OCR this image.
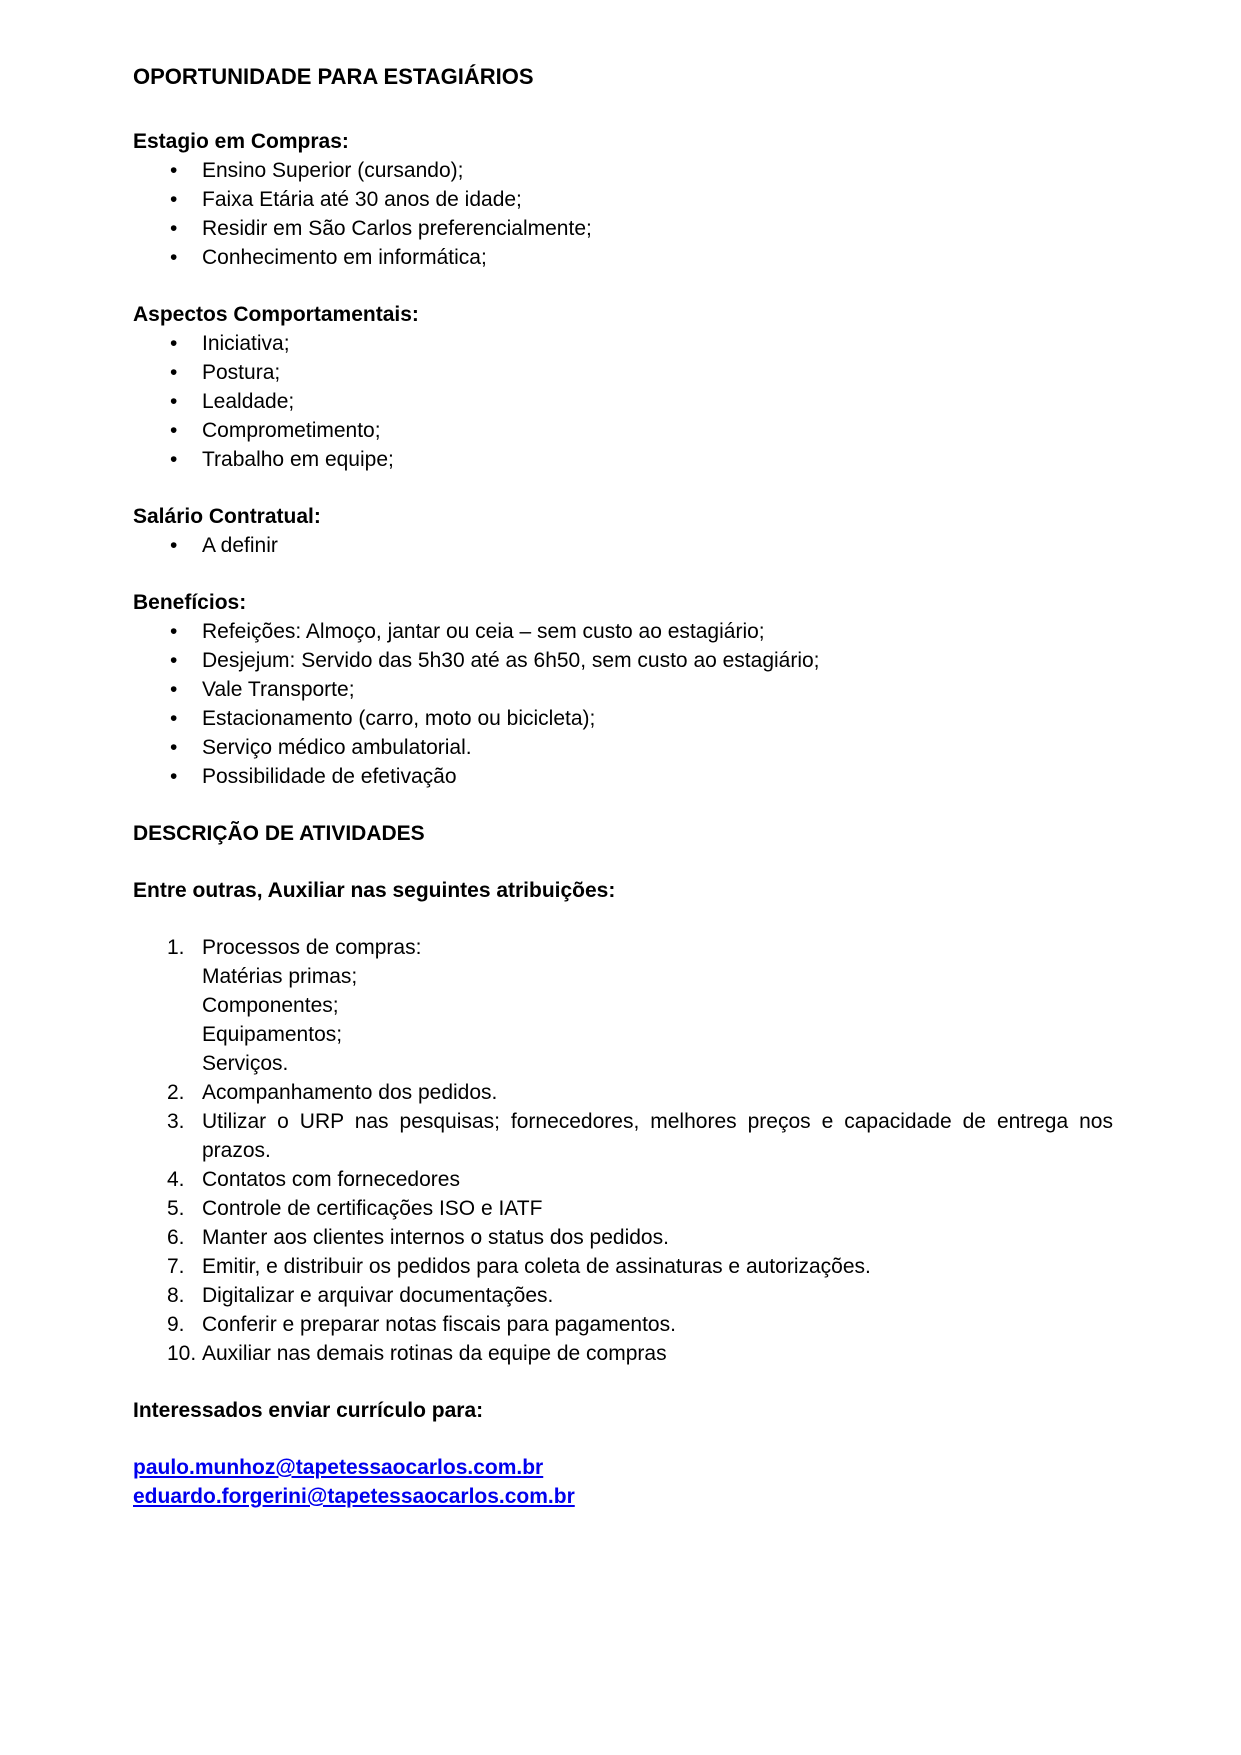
OPORTUNIDADE PARA ESTAGIÁRIOS
Estagio em Compras:
• Ensino Superior (cursando);
• Faixa Etária até 30 anos de idade;
• Residir em São Carlos preferencialmente;
• Conhecimento em informática;
Aspectos Comportamentais:
• Iniciativa;
• Postura;
• Lealdade;
• Comprometimento;
• Trabalho em equipe;
Salário Contratual:
• A definir
Benefícios:
• Refeições: Almoço, jantar ou ceia – sem custo ao estagiário;
• Desjejum: Servido das 5h30 até as 6h50, sem custo ao estagiário;
• Vale Transporte;
• Estacionamento (carro, moto ou bicicleta);
• Serviço médico ambulatorial.
• Possibilidade de efetivação
DESCRIÇÃO DE ATIVIDADES
Entre outras, Auxiliar nas seguintes atribuições:
1. Processos de compras:
Matérias primas;
Componentes;
Equipamentos;
Serviços.
2. Acompanhamento dos pedidos.
3. Utilizar o URP nas pesquisas; fornecedores, melhores preços e capacidade de entrega nos prazos.
4. Contatos com fornecedores
5. Controle de certificações ISO e IATF
6. Manter aos clientes internos o status dos pedidos.
7. Emitir, e distribuir os pedidos para coleta de assinaturas e autorizações.
8. Digitalizar e arquivar documentações.
9. Conferir e preparar notas fiscais para pagamentos.
10. Auxiliar nas demais rotinas da equipe de compras
Interessados enviar currículo para:
paulo.munhoz@tapetessaocarlos.com.br
eduardo.forgerini@tapetessaocarlos.com.br
